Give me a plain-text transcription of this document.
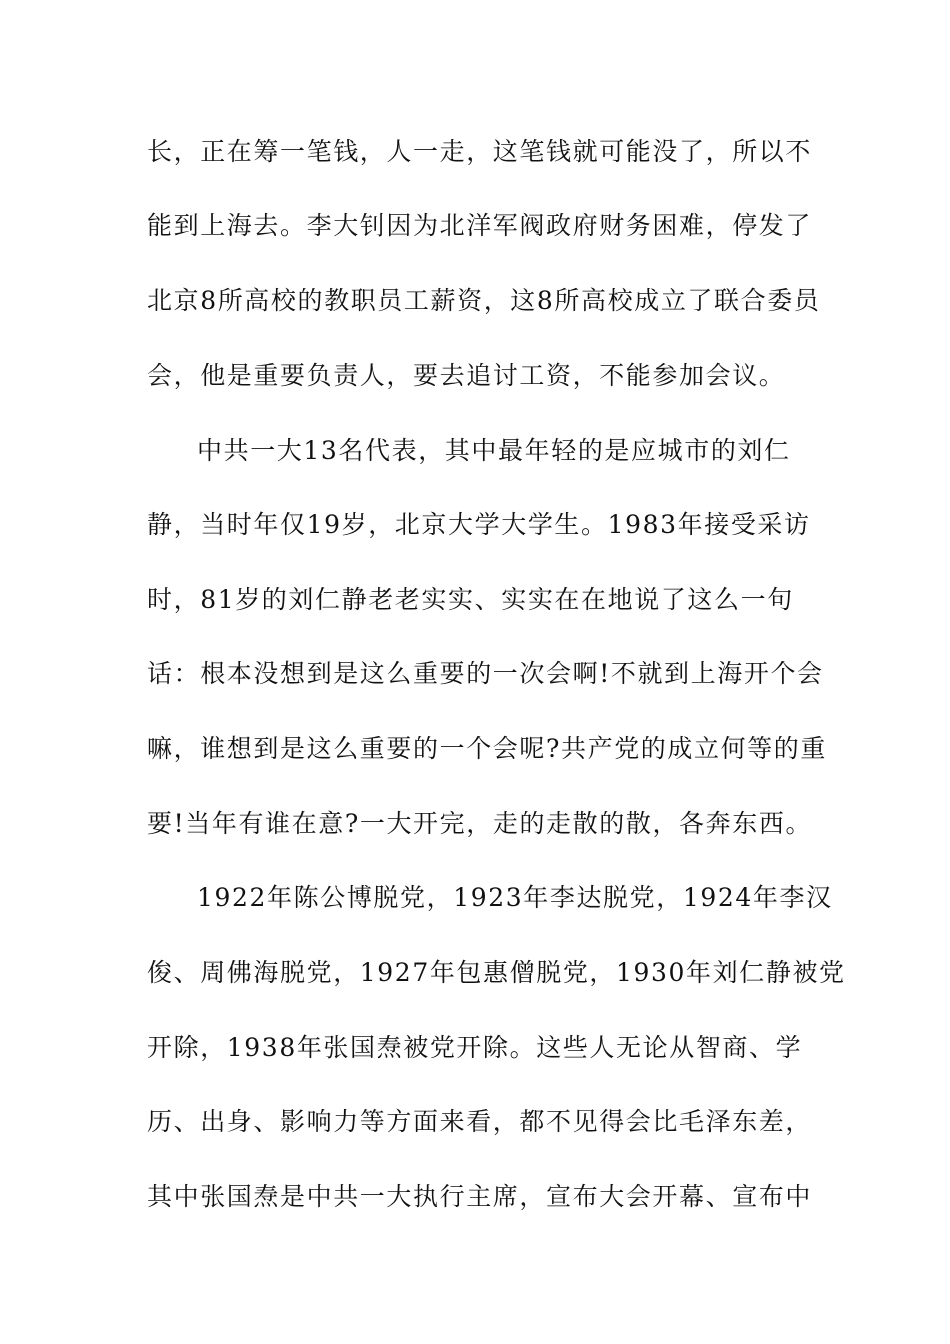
长，正在筹一笔钱，人一走，这笔钱就可能没了，所以不

能到上海去。李大钊因为北洋军阀政府财务困难，停发了

北京8所高校的教职员工薪资，这8所高校成立了联合委员

会，他是重要负责人，要去追讨工资，不能参加会议。

中共一大13名代表，其中最年轻的是应城市的刘仁

静，当时年仅19岁，北京大学大学生。1983年接受采访

时，81岁的刘仁静老老实实、实实在在地说了这么一句

话：根本没想到是这么重要的一次会啊!不就到上海开个会

嘛，谁想到是这么重要的一个会呢?共产党的成立何等的重

要!当年有谁在意?一大开完，走的走散的散，各奔东西。

1922年陈公博脱党，1923年李达脱党，1924年李汉

俊、周佛海脱党，1927年包惠僧脱党，1930年刘仁静被党

开除，1938年张国焘被党开除。这些人无论从智商、学

历、出身、影响力等方面来看，都不见得会比毛泽东差，

其中张国焘是中共一大执行主席，宣布大会开幕、宣布中
